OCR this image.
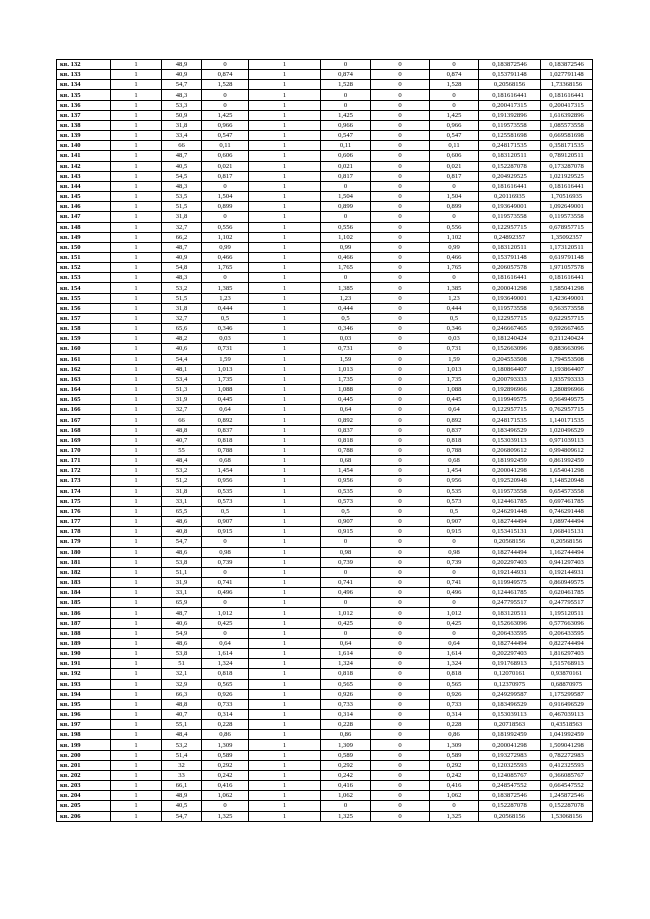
кв. 132	1	48,9	0	1	0	0	0	0,183872546	0,183872546
кв. 133	1	40,9	0,874	1	0,874	0	0,874	0,153791148	1,027791148
кв. 134	1	54,7	1,528	1	1,528	0	1,528	0,20568156	1,73368156
кв. 135	1	48,3	0	1	0	0	0	0,181616441	0,181616441
кв. 136	1	53,3	0	1	0	0	0	0,200417315	0,200417315
кв. 137	1	50,9	1,425	1	1,425	0	1,425	0,191392896	1,616392896
кв. 138	1	31,8	0,966	1	0,966	0	0,966	0,119573558	1,085573558
кв. 139	1	33,4	0,547	1	0,547	0	0,547	0,125581698	0,669581698
кв. 140	1	66	0,11	1	0,11	0	0,11	0,248171535	0,358171535
кв. 141	1	48,7	0,606	1	0,606	0	0,606	0,183120511	0,789120511
кв. 142	1	40,5	0,021	1	0,021	0	0,021	0,152287078	0,173287078
кв. 143	1	54,5	0,817	1	0,817	0	0,817	0,204929525	1,021929525
кв. 144	1	48,3	0	1	0	0	0	0,181616441	0,181616441
кв. 145	1	53,5	1,504	1	1,504	0	1,504	0,20116935	1,70516935
кв. 146	1	51,5	0,899	1	0,899	0	0,899	0,193649001	1,092649001
кв. 147	1	31,8	0	1	0	0	0	0,119573558	0,119573558
кв. 148	1	32,7	0,556	1	0,556	0	0,556	0,122957715	0,678957715
кв. 149	1	66,2	1,102	1	1,102	0	1,102	0,24892357	1,35092357
кв. 150	1	48,7	0,99	1	0,99	0	0,99	0,183120511	1,173120511
кв. 151	1	40,9	0,466	1	0,466	0	0,466	0,153791148	0,619791148
кв. 152	1	54,8	1,765	1	1,765	0	1,765	0,206057578	1,971057578
кв. 153	1	48,3	0	1	0	0	0	0,181616441	0,181616441
кв. 154	1	53,2	1,385	1	1,385	0	1,385	0,200041298	1,585041298
кв. 155	1	51,5	1,23	1	1,23	0	1,23	0,193649001	1,423649001
кв. 156	1	31,8	0,444	1	0,444	0	0,444	0,119573558	0,563573558
кв. 157	1	32,7	0,5	1	0,5	0	0,5	0,122957715	0,622957715
кв. 158	1	65,6	0,346	1	0,346	0	0,346	0,246667465	0,592667465
кв. 159	1	48,2	0,03	1	0,03	0	0,03	0,181240424	0,211240424
кв. 160	1	40,6	0,731	1	0,731	0	0,731	0,152663096	0,883663096
кв. 161	1	54,4	1,59	1	1,59	0	1,59	0,204553508	1,794553508
кв. 162	1	48,1	1,013	1	1,013	0	1,013	0,180864407	1,193864407
кв. 163	1	53,4	1,735	1	1,735	0	1,735	0,200793333	1,935793333
кв. 164	1	51,3	1,088	1	1,088	0	1,088	0,192896966	1,280896966
кв. 165	1	31,9	0,445	1	0,445	0	0,445	0,119949575	0,564949575
кв. 166	1	32,7	0,64	1	0,64	0	0,64	0,122957715	0,762957715
кв. 167	1	66	0,892	1	0,892	0	0,892	0,248171535	1,140171535
кв. 168	1	48,8	0,837	1	0,837	0	0,837	0,183496529	1,020496529
кв. 169	1	40,7	0,818	1	0,818	0	0,818	0,153039113	0,971039113
кв. 170	1	55	0,788	1	0,788	0	0,788	0,206809612	0,994809612
кв. 171	1	48,4	0,68	1	0,68	0	0,68	0,181992459	0,861992459
кв. 172	1	53,2	1,454	1	1,454	0	1,454	0,200041298	1,654041298
кв. 173	1	51,2	0,956	1	0,956	0	0,956	0,192520948	1,148520948
кв. 174	1	31,8	0,535	1	0,535	0	0,535	0,119573558	0,654573558
кв. 175	1	33,1	0,573	1	0,573	0	0,573	0,124461785	0,697461785
кв. 176	1	65,5	0,5	1	0,5	0	0,5	0,246291448	0,746291448
кв. 177	1	48,6	0,907	1	0,907	0	0,907	0,182744494	1,089744494
кв. 178	1	40,8	0,915	1	0,915	0	0,915	0,153415131	1,068415131
кв. 179	1	54,7	0	1	0	0	0	0,20568156	0,20568156
кв. 180	1	48,6	0,98	1	0,98	0	0,98	0,182744494	1,162744494
кв. 181	1	53,8	0,739	1	0,739	0	0,739	0,202297403	0,941297403
кв. 182	1	51,1	0	1	0	0	0	0,192144931	0,192144931
кв. 183	1	31,9	0,741	1	0,741	0	0,741	0,119949575	0,860949575
кв. 184	1	33,1	0,496	1	0,496	0	0,496	0,124461785	0,620461785
кв. 185	1	65,9	0	1	0	0	0	0,247795517	0,247795517
кв. 186	1	48,7	1,012	1	1,012	0	1,012	0,183120511	1,195120511
кв. 187	1	40,6	0,425	1	0,425	0	0,425	0,152663096	0,577663096
кв. 188	1	54,9	0	1	0	0	0	0,206433595	0,206433595
кв. 189	1	48,6	0,64	1	0,64	0	0,64	0,182744494	0,822744494
кв. 190	1	53,8	1,614	1	1,614	0	1,614	0,202297403	1,816297403
кв. 191	1	51	1,324	1	1,324	0	1,324	0,191768913	1,515768913
кв. 192	1	32,1	0,818	1	0,818	0	0,818	0,12070161	0,93870161
кв. 193	1	32,9	0,565	1	0,565	0	0,565	0,12370975	0,68870975
кв. 194	1	66,3	0,926	1	0,926	0	0,926	0,249299587	1,175299587
кв. 195	1	48,8	0,733	1	0,733	0	0,733	0,183496529	0,916496529
кв. 196	1	40,7	0,314	1	0,314	0	0,314	0,153039113	0,467039113
кв. 197	1	55,1	0,228	1	0,228	0	0,228	0,20718563	0,43518563
кв. 198	1	48,4	0,86	1	0,86	0	0,86	0,181992459	1,041992459
кв. 199	1	53,2	1,309	1	1,309	0	1,309	0,200041298	1,509041298
кв. 200	1	51,4	0,589	1	0,589	0	0,589	0,193272983	0,782272983
кв. 201	1	32	0,292	1	0,292	0	0,292	0,120325593	0,412325593
кв. 202	1	33	0,242	1	0,242	0	0,242	0,124085767	0,366085767
кв. 203	1	66,1	0,416	1	0,416	0	0,416	0,248547552	0,664547552
кв. 204	1	48,9	1,062	1	1,062	0	1,062	0,183872546	1,245872546
кв. 205	1	40,5	0	1	0	0	0	0,152287078	0,152287078
кв. 206	1	54,7	1,325	1	1,325	0	1,325	0,20568156	1,53068156
